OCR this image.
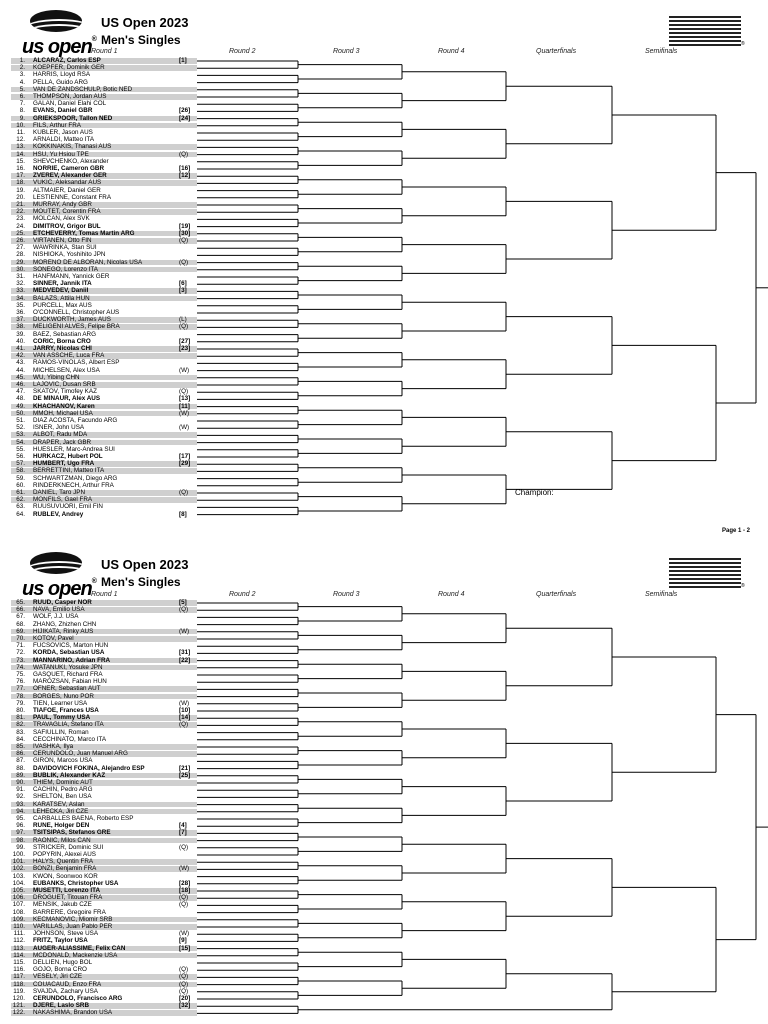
us open®
US Open 2023
Men's Singles	®
Round 1	Round 2	Round 3	Round 4	Quarterfinals	Semifinals
1. ALCARAZ, Carlos ESP	[1]
2. KOEPFER, Dominik GER
3. HARRIS, Lloyd RSA
4. PELLA, Guido ARG
5. VAN DE ZANDSCHULP, Botic NED
6. THOMPSON, Jordan AUS
7. GALAN, Daniel Elahi COL
8. EVANS, Daniel GBR	[26]
9. GRIEKSPOOR, Tallon NED	[24]
10. FILS, Arthur FRA
11. KUBLER, Jason AUS
12. ARNALDI, Matteo ITA
13. KOKKINAKIS, Thanasi AUS
14. HSU, Yu Hsiou TPE	(Q)
15. SHEVCHENKO, Alexander
16. NORRIE, Cameron GBR	[16]
17. ZVEREV, Alexander GER	[12]
18. VUKIC, Aleksandar AUS
19. ALTMAIER, Daniel GER
20. LESTIENNE, Constant FRA
21. MURRAY, Andy GBR
22. MOUTET, Corentin FRA
23. MOLCAN, Alex SVK
24. DIMITROV, Grigor BUL	[19]
25. ETCHEVERRY, Tomas Martin ARG	[30]
26. VIRTANEN, Otto FIN	(Q)
27. WAWRINKA, Stan SUI
28. NISHIOKA, Yoshihito JPN
29. MORENO DE ALBORAN, Nicolas USA	(Q)
30. SONEGO, Lorenzo ITA
31. HANFMANN, Yannick GER
32. SINNER, Jannik ITA	[6]
33. MEDVEDEV, Daniil	[3]
34. BALAZS, Attila HUN
35. PURCELL, Max AUS
36. O'CONNELL, Christopher AUS
37. DUCKWORTH, James AUS	(L)
38. MELIGENI ALVES, Felipe BRA	(Q)
39. BAEZ, Sebastian ARG
40. CORIC, Borna CRO	[27]
41. JARRY, Nicolas CHI	[23]
42. VAN ASSCHE, Luca FRA
43. RAMOS-VINOLAS, Albert ESP
44. MICHELSEN, Alex USA	(W)
45. WU, Yibing CHN
46. LAJOVIC, Dusan SRB
47. SKATOV, Timofey KAZ	(Q)
48. DE MINAUR, Alex AUS	[13]
49. KHACHANOV, Karen	[11]
50. MMOH, Michael USA	(W)
51. DIAZ ACOSTA, Facundo ARG
52. ISNER, John USA	(W)
53. ALBOT, Radu MDA
54. DRAPER, Jack GBR
55. HUESLER, Marc-Andrea SUI
56. HURKACZ, Hubert POL	[17]
57. HUMBERT, Ugo FRA	[29]
58. BERRETTINI, Matteo ITA
59. SCHWARTZMAN, Diego ARG
60. RINDERKNECH, Arthur FRA
61. DANIEL, Taro JPN	(Q)
62. MONFILS, Gael FRA
63. RUUSUVUORI, Emil FIN
64. RUBLEV, Andrey	[8]
Champion:
Page 1 - 2
us open®
US Open 2023
Men's Singles	®
Round 1	Round 2	Round 3	Round 4	Quarterfinals	Semifinals
65. RUUD, Casper NOR	[5]
66. NAVA, Emilio USA	(Q)
67. WOLF, J.J. USA
68. ZHANG, Zhizhen CHN
69. HIJIKATA, Rinky AUS	(W)
70. KOTOV, Pavel
71. FUCSOVICS, Marton HUN
72. KORDA, Sebastian USA	[31]
73. MANNARINO, Adrian FRA	[22]
74. WATANUKI, Yosuke JPN
75. GASQUET, Richard FRA
76. MAROZSAN, Fabian HUN
77. OFNER, Sebastian AUT
78. BORGES, Nuno POR
79. TIEN, Learner USA	(W)
80. TIAFOE, Frances USA	[10]
81. PAUL, Tommy USA	[14]
82. TRAVAGLIA, Stefano ITA	(Q)
83. SAFIULLIN, Roman
84. CECCHINATO, Marco ITA
85. IVASHKA, Ilya
86. CERUNDOLO, Juan Manuel ARG
87. GIRON, Marcos USA
88. DAVIDOVICH FOKINA, Alejandro ESP	[21]
89. BUBLIK, Alexander KAZ	[25]
90. THIEM, Dominic AUT
91. CACHIN, Pedro ARG
92. SHELTON, Ben USA
93. KARATSEV, Aslan
94. LEHECKA, Jiri CZE
95. CARBALLES BAENA, Roberto ESP
96. RUNE, Holger DEN	[4]
97. TSITSIPAS, Stefanos GRE	[7]
98. RAONIC, Milos CAN
99. STRICKER, Dominic SUI	(Q)
100. POPYRIN, Alexei AUS
101. HALYS, Quentin FRA
102. BONZI, Benjamin FRA	(W)
103. KWON, Soonwoo KOR
104. EUBANKS, Christopher USA	[28]
105. MUSETTI, Lorenzo ITA	[18]
106. DROGUET, Titouan FRA	(Q)
107. MENSIK, Jakub CZE	(Q)
108. BARRERE, Gregoire FRA
109. KECMANOVIC, Miomir SRB
110. VARILLAS, Juan Pablo PER
111. JOHNSON, Steve USA	(W)
112. FRITZ, Taylor USA	[9]
113. AUGER-ALIASSIME, Felix CAN	[15]
114. MCDONALD, Mackenzie USA
115. DELLIEN, Hugo BOL
116. GOJO, Borna CRO	(Q)
117. VESELY, Jiri CZE	(Q)
118. COUACAUD, Enzo FRA	(Q)
119. SVAJDA, Zachary USA	(Q)
120. CERUNDOLO, Francisco ARG	[20]
121. DJERE, Laslo SRB	[32]
122. NAKASHIMA, Brandon USA
